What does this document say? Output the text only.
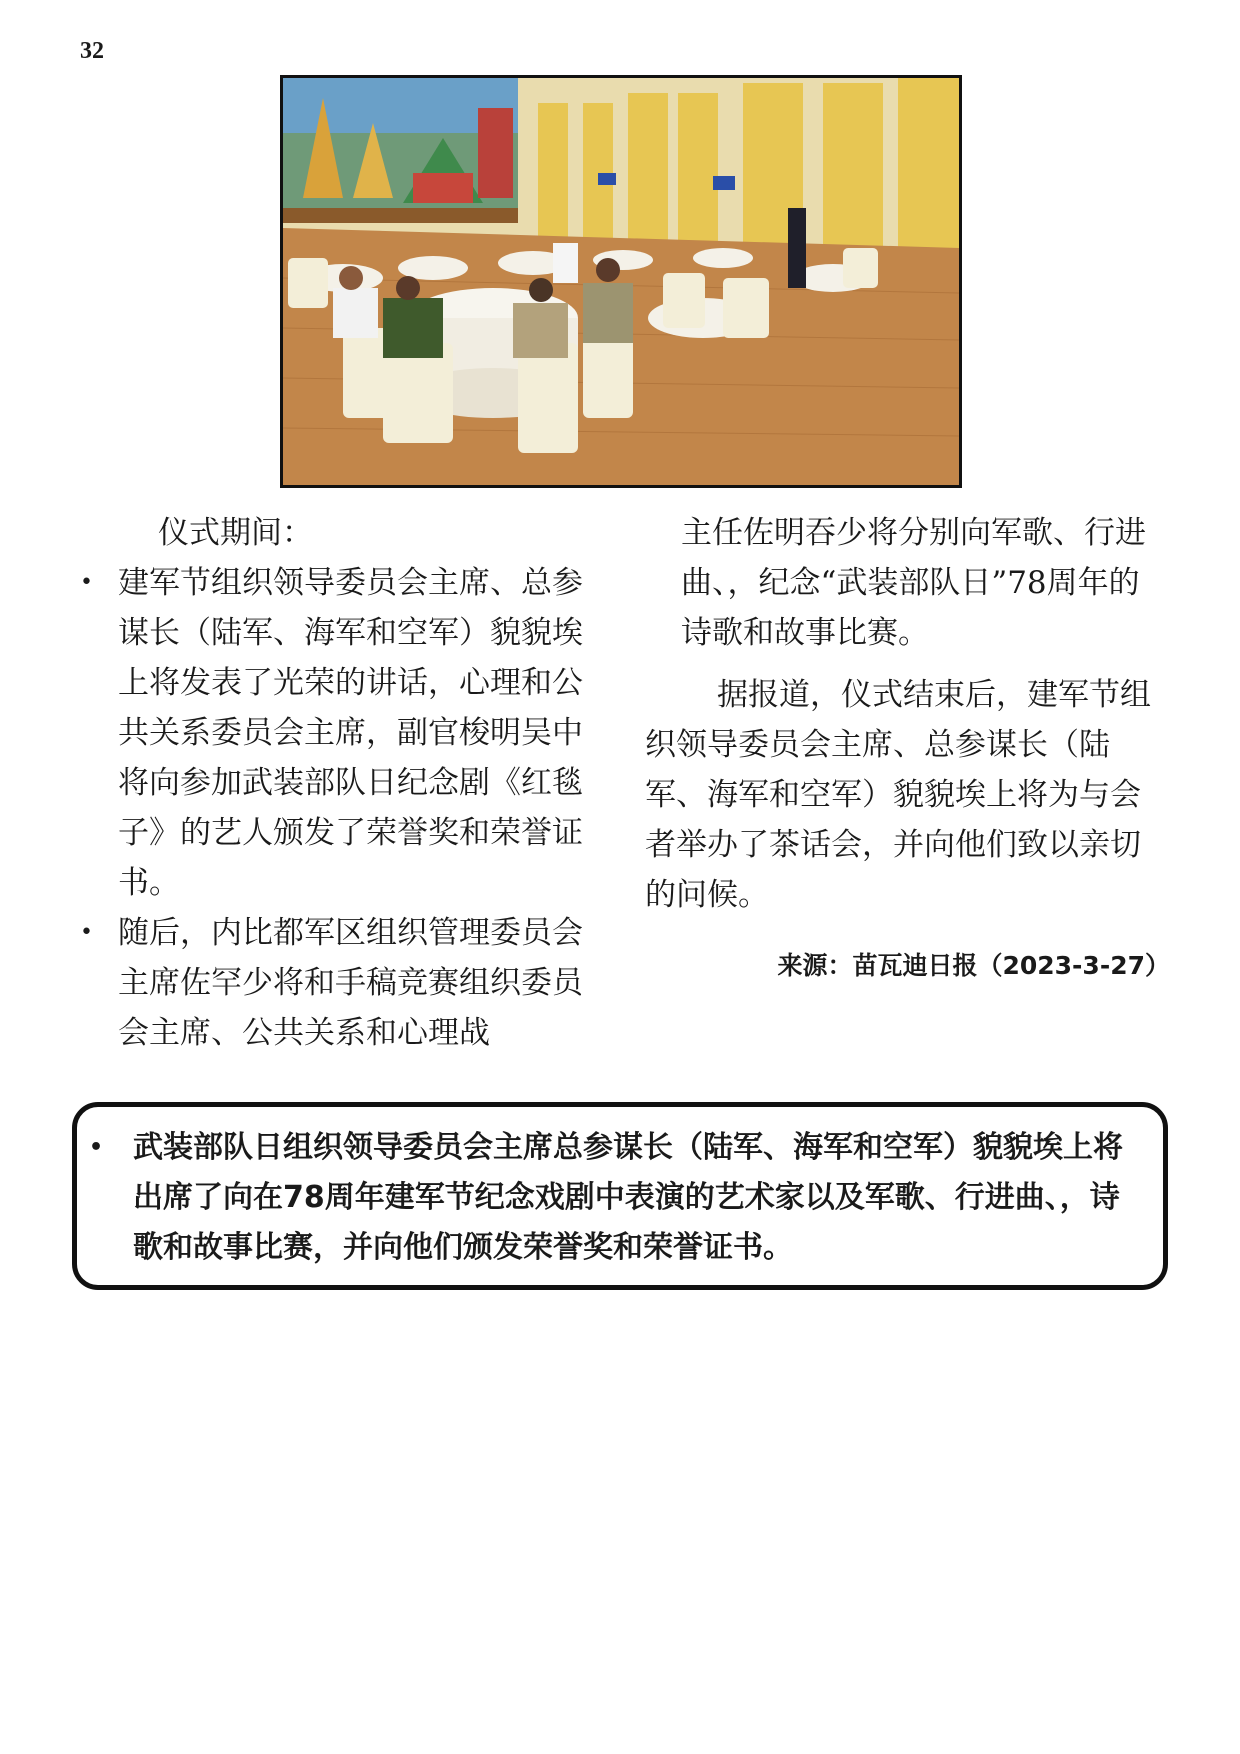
32

仪式期间：

• 建军节组织领导委员会主席、总参谋长（陆军、海军和空军）貌貌埃上将发表了光荣的讲话，心理和公共关系委员会主席，副官梭明吴中将向参加武装部队日纪念剧《红毯子》的艺人颁发了荣誉奖和荣誉证书。
• 随后，内比都军区组织管理委员会主席佐罕少将和手稿竞赛组织委员会主席、公共关系和心理战

主任佐明吞少将分别向军歌、行进曲、，纪念“武装部队日”78周年的诗歌和故事比赛。

据报道，仪式结束后，建军节组织领导委员会主席、总参谋长（陆军、海军和空军）貌貌埃上将为与会者举办了茶话会，并向他们致以亲切的问候。

来源：苗瓦迪日报（2023-3-27）

• 武装部队日组织领导委员会主席总参谋长（陆军、海军和空军）貌貌埃上将出席了向在78周年建军节纪念戏剧中表演的艺术家以及军歌、行进曲、，诗歌和故事比赛，并向他们颁发荣誉奖和荣誉证书。
